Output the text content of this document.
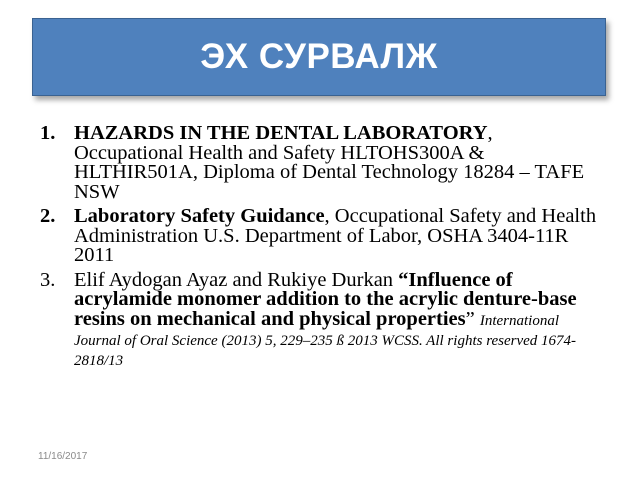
ЭХ СУРВАЛЖ
1. HAZARDS IN THE DENTAL LABORATORY, Occupational Health and Safety HLTOHS300A & HLTHIR501A, Diploma of Dental Technology 18284 – TAFE NSW
2. Laboratory Safety Guidance, Occupational Safety and Health Administration U.S. Department of Labor, OSHA 3404-11R 2011
3. Elif Aydogan Ayaz and Rukiye Durkan “Influence of acrylamide monomer addition to the acrylic denture-base resins on mechanical and physical properties” International Journal of Oral Science (2013) 5, 229–235 ß 2013 WCSS. All rights reserved 1674-2818/13
11/16/2017
